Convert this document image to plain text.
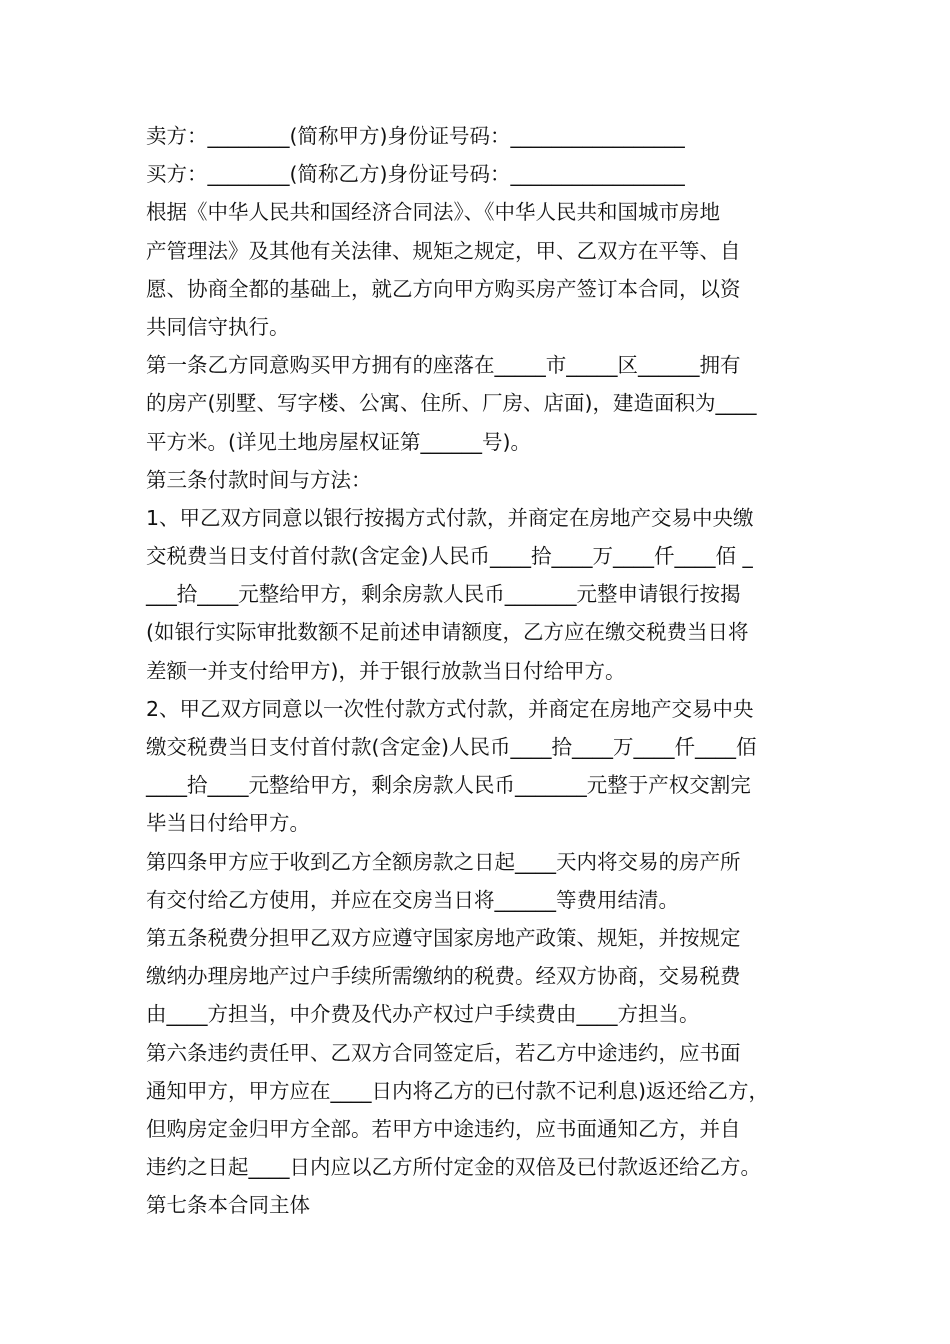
卖方：________(简称甲方)身份证号码：_________________
买方：________(简称乙方)身份证号码：_________________
根据《中华人民共和国经济合同法》、《中华人民共和国城市房地
产管理法》及其他有关法律、规矩之规定，甲、乙双方在平等、自
愿、协商全都的基础上，就乙方向甲方购买房产签订本合同，以资
共同信守执行。
第一条乙方同意购买甲方拥有的座落在_____市_____区______拥有
的房产(别墅、写字楼、公寓、住所、厂房、店面)，建造面积为____
平方米。(详见土地房屋权证第______号)。
第三条付款时间与方法：
1、甲乙双方同意以银行按揭方式付款，并商定在房地产交易中央缴
交税费当日支付首付款(含定金)人民币____拾____万____仟____佰 _
___拾____元整给甲方，剩余房款人民币_______元整申请银行按揭
(如银行实际审批数额不足前述申请额度，乙方应在缴交税费当日将
差额一并支付给甲方)，并于银行放款当日付给甲方。
2、甲乙双方同意以一次性付款方式付款，并商定在房地产交易中央
缴交税费当日支付首付款(含定金)人民币____拾____万____仟____佰
____拾____元整给甲方，剩余房款人民币_______元整于产权交割完
毕当日付给甲方。
第四条甲方应于收到乙方全额房款之日起____天内将交易的房产所
有交付给乙方使用，并应在交房当日将______等费用结清。
第五条税费分担甲乙双方应遵守国家房地产政策、规矩，并按规定
缴纳办理房地产过户手续所需缴纳的税费。经双方协商，交易税费
由____方担当，中介费及代办产权过户手续费由____方担当。
第六条违约责任甲、乙双方合同签定后，若乙方中途违约，应书面
通知甲方，甲方应在____日内将乙方的已付款不记利息)返还给乙方，
但购房定金归甲方全部。若甲方中途违约，应书面通知乙方，并自
违约之日起____日内应以乙方所付定金的双倍及已付款返还给乙方。
第七条本合同主体
